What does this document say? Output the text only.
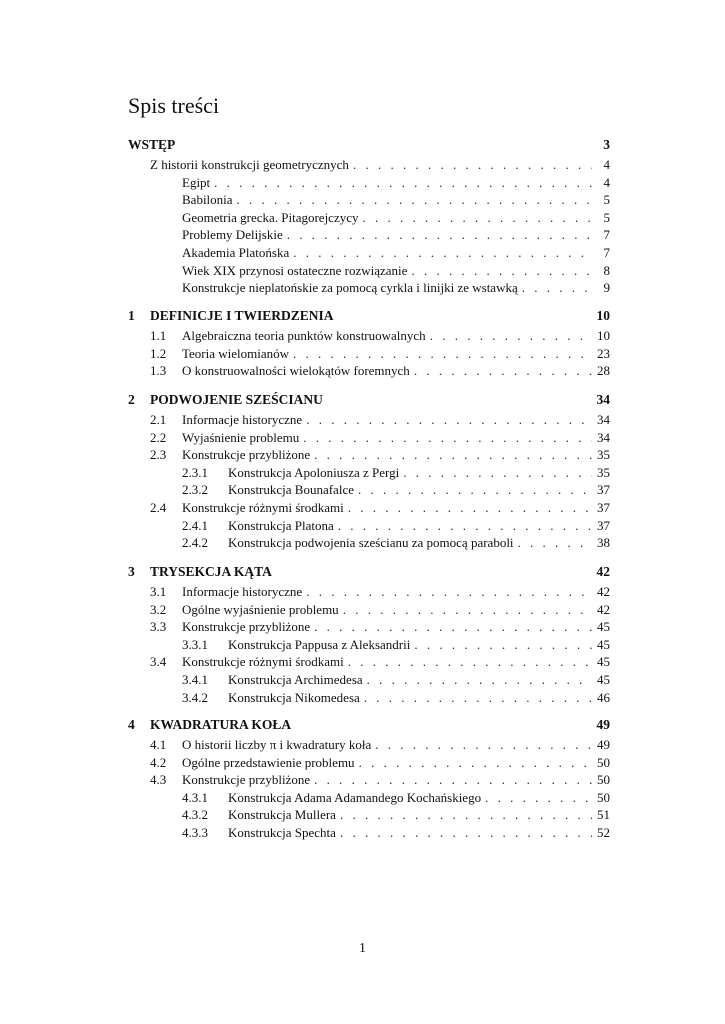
Spis treści
WSTĘP	3
Z historii konstrukcji geometrycznych . . .	4
Egipt . . .	4
Babilonia . . .	5
Geometria grecka. Pitagorejczycy . . .	5
Problemy Delijskie . . .	7
Akademia Platońska . . .	7
Wiek XIX przynosi ostateczne rozwiązanie . . .	8
Konstrukcje nieplatońskie za pomocą cyrkla i linijki ze wstawką . . .	9
1	DEFINICJE I TWIERDZENIA	10
1.1	Algebraiczna teoria punktów konstruowalnych . . .	10
1.2	Teoria wielomianów . . .	23
1.3	O konstruowalności wielokątów foremnych . . .	28
2	PODWOJENIE SZEŚCIANU	34
2.1	Informacje historyczne . . .	34
2.2	Wyjaśnienie problemu . . .	34
2.3	Konstrukcje przybliżone . . .	35
2.3.1	Konstrukcja Apoloniusza z Pergi . . .	35
2.3.2	Konstrukcja Bounafalce . . .	37
2.4	Konstrukcje różnymi środkami . . .	37
2.4.1	Konstrukcja Platona . . .	37
2.4.2	Konstrukcja podwojenia sześcianu za pomocą paraboli . . .	38
3	TRYSEKCJA KĄTA	42
3.1	Informacje historyczne . . .	42
3.2	Ogólne wyjaśnienie problemu . . .	42
3.3	Konstrukcje przybliżone . . .	45
3.3.1	Konstrukcja Pappusa z Aleksandrii . . .	45
3.4	Konstrukcje różnymi środkami . . .	45
3.4.1	Konstrukcja Archimedesa . . .	45
3.4.2	Konstrukcja Nikomedesa . . .	46
4	KWADRATURA KOŁA	49
4.1	O historii liczby π i kwadratury koła . . .	49
4.2	Ogólne przedstawienie problemu . . .	50
4.3	Konstrukcje przybliżone . . .	50
4.3.1	Konstrukcja Adama Adamandego Kochańskiego . . .	50
4.3.2	Konstrukcja Mullera . . .	51
4.3.3	Konstrukcja Spechta . . .	52
1
